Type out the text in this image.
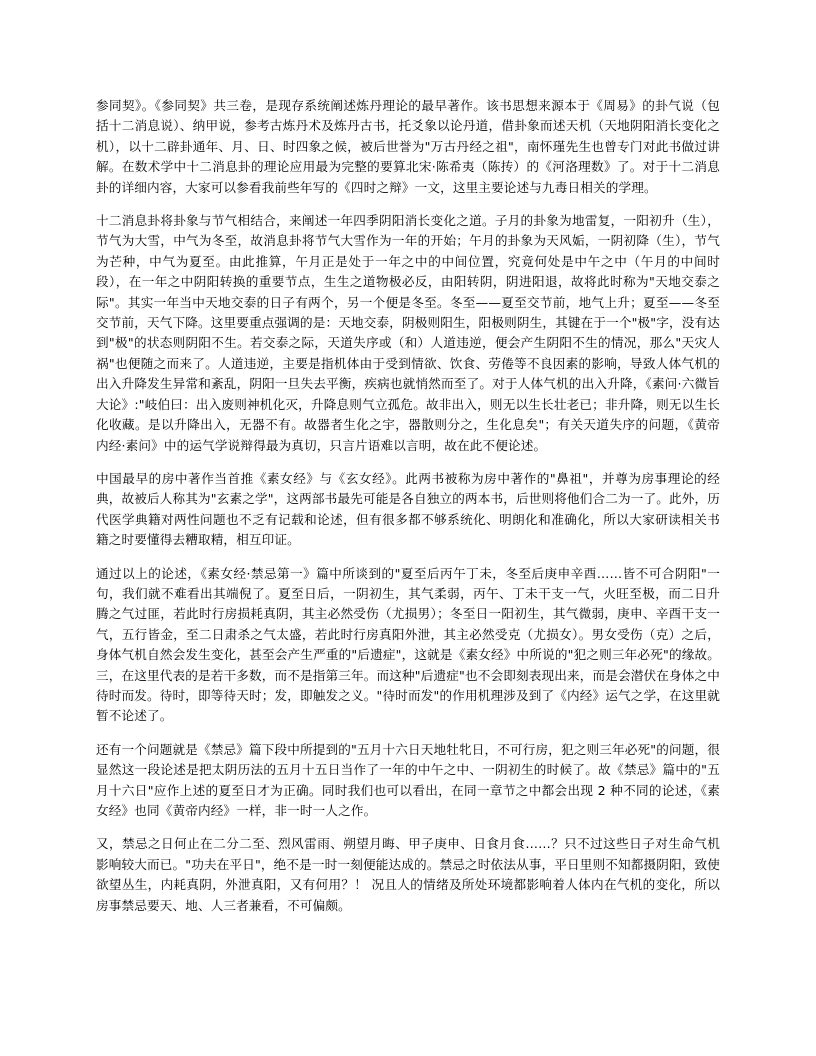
参同契》。《参同契》共三卷，是现存系统阐述炼丹理论的最早著作。该书思想来源本于《周易》的卦气说（包括十二消息说）、纳甲说，参考古炼丹术及炼丹古书，托爻象以论丹道，借卦象而述天机（天地阴阳消长变化之机），以十二辟卦通年、月、日、时四象之候，被后世誉为"万古丹经之祖"，南怀瑾先生也曾专门对此书做过讲解。在数术学中十二消息卦的理论应用最为完整的要算北宋·陈希夷（陈抟）的《河洛理数》了。对于十二消息卦的详细内容，大家可以参看我前些年写的《四时之辩》一文，这里主要论述与九毒日相关的学理。

十二消息卦将卦象与节气相结合，来阐述一年四季阴阳消长变化之道。子月的卦象为地雷复，一阳初升（生），节气为大雪，中气为冬至，故消息卦将节气大雪作为一年的开始；午月的卦象为天风姤，一阴初降（生），节气为芒种，中气为夏至。由此推算，午月正是处于一年之中的中间位置，究竟何处是中午之中（午月的中间时段），在一年之中阴阳转换的重要节点，生生之道物极必反，由阳转阴，阴进阳退，故将此时称为"天地交泰之际"。其实一年当中天地交泰的日子有两个，另一个便是冬至。冬至——夏至交节前，地气上升；夏至——冬至交节前，天气下降。这里要重点强调的是：天地交泰，阴极则阳生，阳极则阴生，其键在于一个"极"字，没有达到"极"的状态则阴阳不生。若交泰之际，天道失序或（和）人道违逆，便会产生阴阳不生的情况，那么"天灾人祸"也便随之而来了。人道违逆，主要是指机体由于受到情欲、饮食、劳倦等不良因素的影响，导致人体气机的出入升降发生异常和紊乱，阴阳一旦失去平衡，疾病也就悄然而至了。对于人体气机的出入升降，《素问·六微旨大论》:"岐伯曰：出入废则神机化灭，升降息则气立孤危。故非出入，则无以生长壮老已；非升降，则无以生长化收藏。是以升降出入，无器不有。故器者生化之宇，器散则分之，生化息矣"；有关天道失序的问题，《黄帝内经·素问》中的运气学说辩得最为真切，只言片语难以言明，故在此不便论述。

中国最早的房中著作当首推《素女经》与《玄女经》。此两书被称为房中著作的"鼻祖"，并尊为房事理论的经典，故被后人称其为"玄素之学"，这两部书最先可能是各自独立的两本书，后世则将他们合二为一了。此外，历代医学典籍对两性问题也不乏有记载和论述，但有很多都不够系统化、明朗化和准确化，所以大家研读相关书籍之时要懂得去糟取精，相互印证。

通过以上的论述，《素女经·禁忌第一》篇中所谈到的"夏至后丙午丁未，冬至后庚申辛酉……皆不可合阴阳"一句，我们就不难看出其端倪了。夏至日后，一阴初生，其气柔弱，丙午、丁未干支一气，火旺至极，而二日升腾之气过匪，若此时行房损耗真阴，其主必然受伤（尤损男）；冬至日一阳初生，其气微弱，庚申、辛酉干支一气，五行皆金，至二日肃杀之气太盛，若此时行房真阳外泄，其主必然受克（尤损女）。男女受伤（克）之后，身体气机自然会发生变化，甚至会产生严重的"后遗症"，这就是《素女经》中所说的"犯之则三年必死"的缘故。三，在这里代表的是若干多数，而不是指第三年。而这种"后遗症"也不会即刻表现出来，而是会潜伏在身体之中待时而发。待时，即等待天时；发，即触发之义。"待时而发"的作用机理涉及到了《内经》运气之学，在这里就暂不论述了。

还有一个问题就是《禁忌》篇下段中所提到的"五月十六日天地牡牝日，不可行房，犯之则三年必死"的问题，很显然这一段论述是把太阴历法的五月十五日当作了一年的中午之中、一阴初生的时候了。故《禁忌》篇中的"五月十六日"应作上述的夏至日才为正确。同时我们也可以看出，在同一章节之中都会出现 2 种不同的论述，《素女经》也同《黄帝内经》一样，非一时一人之作。

又，禁忌之日何止在二分二至、烈风雷雨、朔望月晦、甲子庚申、日食月食……？只不过这些日子对生命气机影响较大而已。"功夫在平日"，绝不是一时一刻便能达成的。禁忌之时依法从事，平日里则不知都摄阴阳，致使欲望丛生，内耗真阴，外泄真阳，又有何用？！ 况且人的情绪及所处环境都影响着人体内在气机的变化，所以房事禁忌要天、地、人三者兼看，不可偏颇。
